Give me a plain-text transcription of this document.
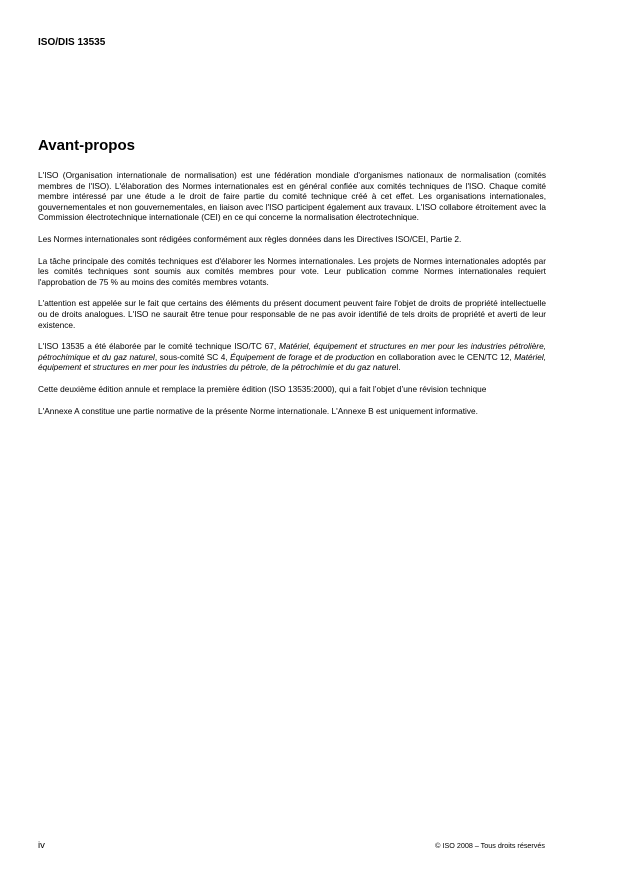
ISO/DIS 13535
Avant-propos

L'ISO (Organisation internationale de normalisation) est une fédération mondiale d'organismes nationaux de normalisation (comités membres de l'ISO). L'élaboration des Normes internationales est en général confiée aux comités techniques de l'ISO. Chaque comité membre intéressé par une étude a le droit de faire partie du comité technique créé à cet effet. Les organisations internationales, gouvernementales et non gouvernementales, en liaison avec l'ISO participent également aux travaux. L'ISO collabore étroitement avec la Commission électrotechnique internationale (CEI) en ce qui concerne la normalisation électrotechnique.

Les Normes internationales sont rédigées conformément aux règles données dans les Directives ISO/CEI, Partie 2.

La tâche principale des comités techniques est d'élaborer les Normes internationales. Les projets de Normes internationales adoptés par les comités techniques sont soumis aux comités membres pour vote. Leur publication comme Normes internationales requiert l'approbation de 75 % au moins des comités membres votants.

L'attention est appelée sur le fait que certains des éléments du présent document peuvent faire l'objet de droits de propriété intellectuelle ou de droits analogues. L'ISO ne saurait être tenue pour responsable de ne pas avoir identifié de tels droits de propriété et averti de leur existence.

L'ISO 13535 a été élaborée par le comité technique ISO/TC 67, Matériel, équipement et structures en mer pour les industries pétrolière, pétrochimique et du gaz naturel, sous-comité SC 4, Équipement de forage et de production en collaboration avec le CEN/TC 12, Matériel, équipement et structures en mer pour les industries du pétrole, de la pétrochimie et du gaz naturel.

Cette deuxième édition annule et remplace la première édition (ISO 13535:2000), qui a fait l’objet d’une révision technique

L'Annexe A constitue une partie normative de la présente Norme internationale. L'Annexe B est uniquement informative.

iv	© ISO 2008 – Tous droits réservés
